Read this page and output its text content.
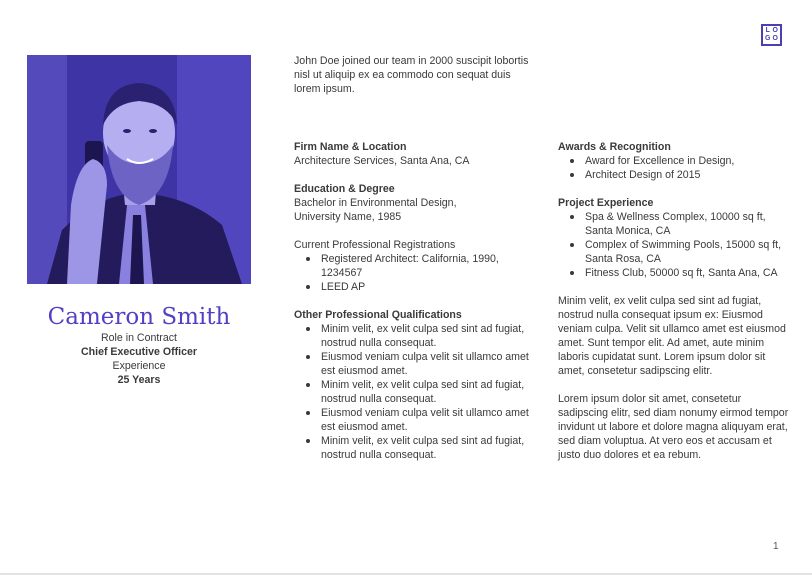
L O
G O
Cameron Smith
Role in Contract
Chief Executive Officer
Experience
25 Years

John Doe joined our team in 2000 suscipit lobortis nisl ut aliquip ex ea commodo con sequat duis lorem ipsum.

Firm Name & Location
Architecture Services, Santa Ana, CA
Education & Degree
Bachelor in Environmental Design,
University Name, 1985
Current Professional Registrations
Registered Architect: California, 1990, 1234567
LEED AP
Other Professional Qualifications
Minim velit, ex velit culpa sed sint ad fugiat, nostrud nulla consequat.
Eiusmod veniam culpa velit sit ullamco amet est eiusmod amet.
Minim velit, ex velit culpa sed sint ad fugiat, nostrud nulla consequat.
Eiusmod veniam culpa velit sit ullamco amet est eiusmod amet.
Minim velit, ex velit culpa sed sint ad fugiat, nostrud nulla consequat.
Awards & Recognition
Award for Excellence in Design,
Architect Design of 2015
Project Experience
Spa & Wellness Complex, 10000 sq ft, Santa Monica, CA
Complex of Swimming Pools, 15000 sq ft, Santa Rosa, CA
Fitness Club, 50000 sq ft, Santa Ana, CA

Minim velit, ex velit culpa sed sint ad fugiat, nostrud nulla consequat ipsum ex: Eiusmod veniam culpa. Velit sit ullamco amet est eiusmod amet. Sunt tempor elit. Ad amet, aute minim laboris cupidatat sunt. Lorem ipsum dolor sit amet, consetetur sadipscing elitr.

Lorem ipsum dolor sit amet, consetetur sadipscing elitr, sed diam nonumy eirmod tempor invidunt ut labore et dolore magna aliquyam erat, sed diam voluptua. At vero eos et accusam et justo duo dolores et ea rebum.

1
